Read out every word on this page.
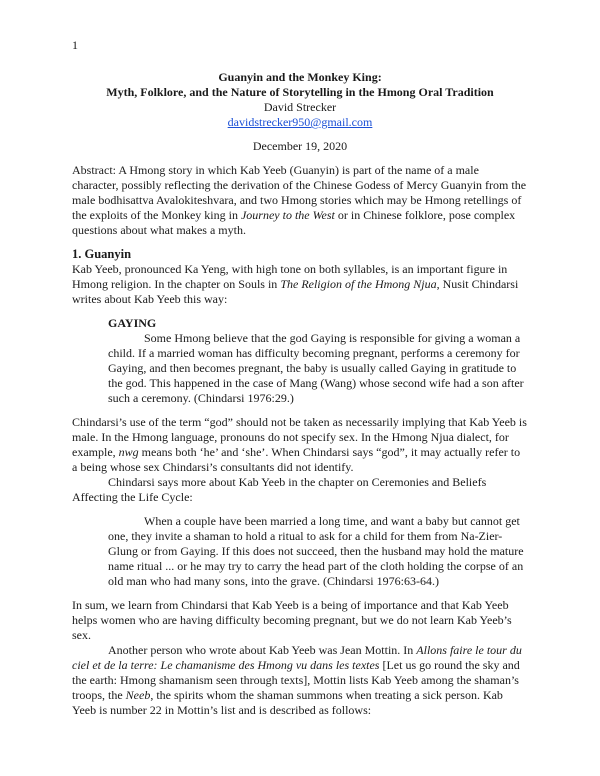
1
Guanyin and the Monkey King:
Myth, Folklore, and the Nature of Storytelling in the Hmong Oral Tradition
David Strecker
davidstrecker950@gmail.com
December 19, 2020

Abstract: A Hmong story in which Kab Yeeb (Guanyin) is part of the name of a male character, possibly reflecting the derivation of the Chinese Godess of Mercy Guanyin from the male bodhisattva Avalokiteshvara, and two Hmong stories which may be Hmong retellings of the exploits of the Monkey king in Journey to the West or in Chinese folklore, pose complex questions about what makes a myth.

1. Guanyin

Kab Yeeb, pronounced Ka Yeng, with high tone on both syllables, is an important figure in Hmong religion. In the chapter on Souls in The Religion of the Hmong Njua, Nusit Chindarsi writes about Kab Yeeb this way:

GAYING

Some Hmong believe that the god Gaying is responsible for giving a woman a child. If a married woman has difficulty becoming pregnant, performs a ceremony for Gaying, and then becomes pregnant, the baby is usually called Gaying in gratitude to the god. This happened in the case of Mang (Wang) whose second wife had a son after such a ceremony. (Chindarsi 1976:29.)

Chindarsi’s use of the term “god” should not be taken as necessarily implying that Kab Yeeb is male. In the Hmong language, pronouns do not specify sex. In the Hmong Njua dialect, for example, nwg means both ‘he’ and ‘she’. When Chindarsi says “god”, it may actually refer to a being whose sex Chindarsi’s consultants did not identify.

Chindarsi says more about Kab Yeeb in the chapter on Ceremonies and Beliefs Affecting the Life Cycle:

When a couple have been married a long time, and want a baby but cannot get one, they invite a shaman to hold a ritual to ask for a child for them from Na-Zier-Glung or from Gaying. If this does not succeed, then the husband may hold the mature name ritual ... or he may try to carry the head part of the cloth holding the corpse of an old man who had many sons, into the grave. (Chindarsi 1976:63-64.)

In sum, we learn from Chindarsi that Kab Yeeb is a being of importance and that Kab Yeeb helps women who are having difficulty becoming pregnant, but we do not learn Kab Yeeb’s sex.

Another person who wrote about Kab Yeeb was Jean Mottin. In Allons faire le tour du ciel et de la terre: Le chamanisme des Hmong vu dans les textes [Let us go round the sky and the earth: Hmong shamanism seen through texts], Mottin lists Kab Yeeb among the shaman’s troops, the Neeb, the spirits whom the shaman summons when treating a sick person. Kab Yeeb is number 22 in Mottin’s list and is described as follows:
